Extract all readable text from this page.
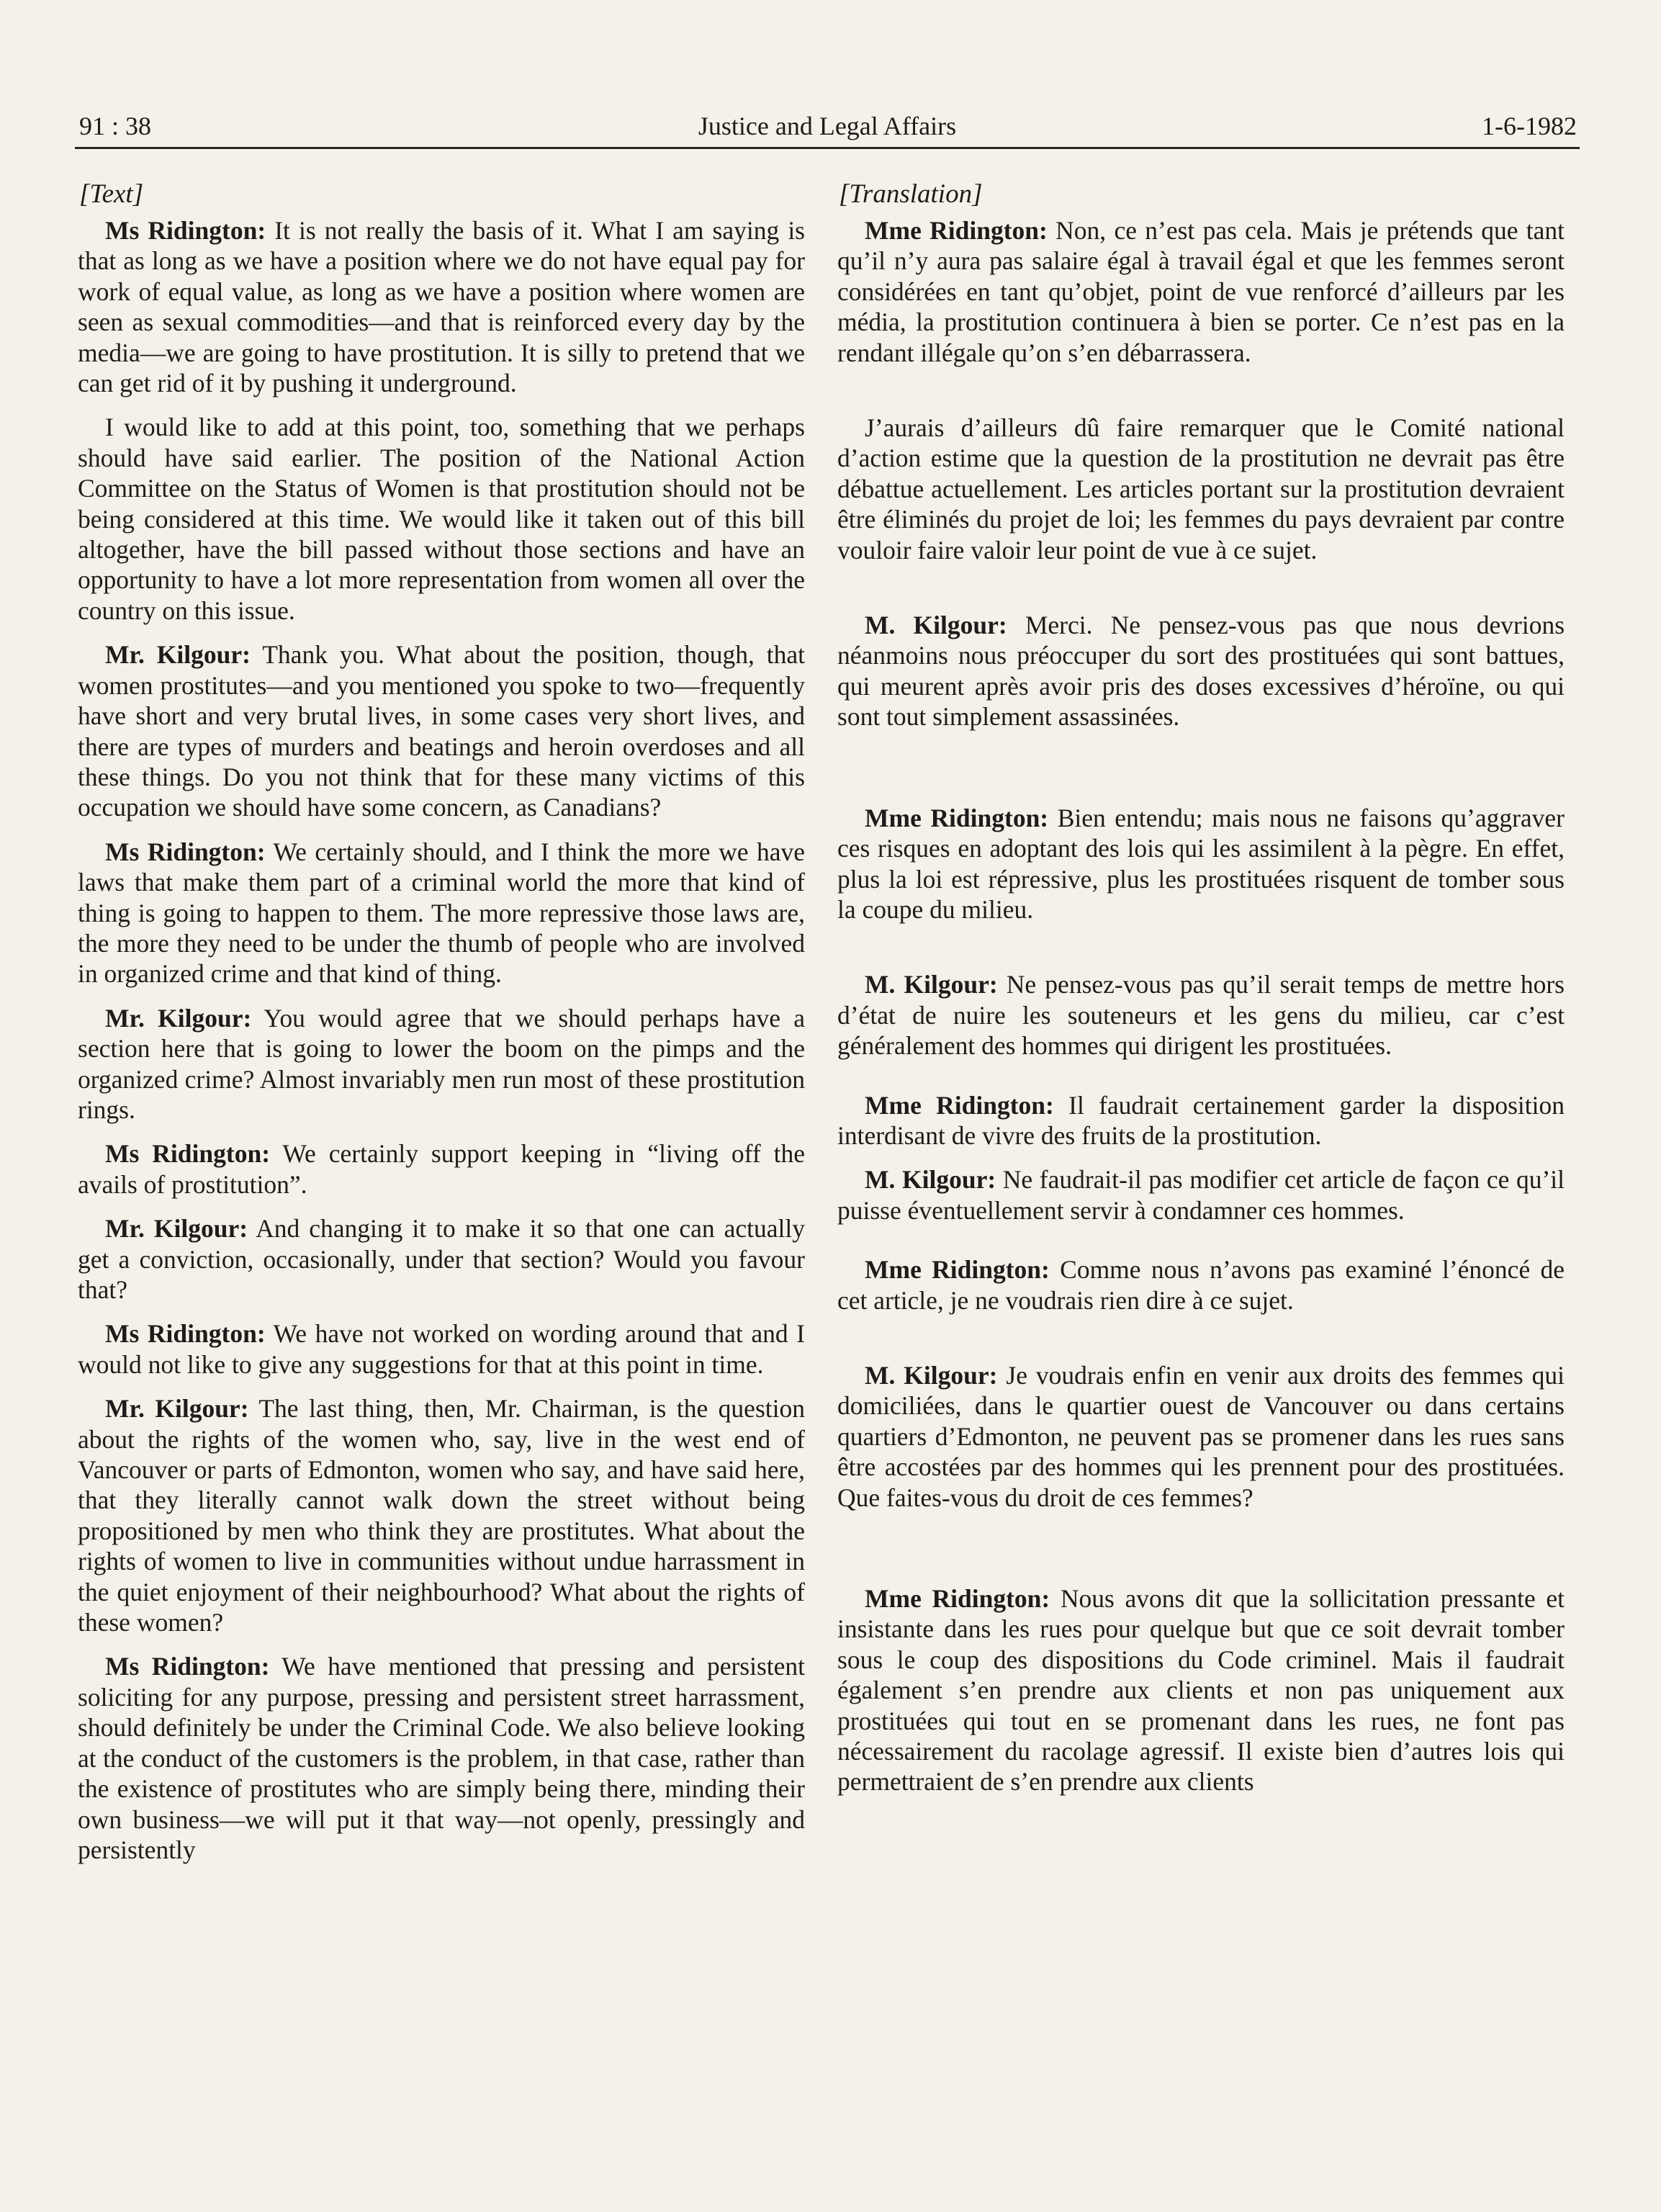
Justice and Legal Affairs
91 : 38	1-6-1982
[Text]

Ms Ridington: It is not really the basis of it. What I am saying is that as long as we have a position where we do not have equal pay for work of equal value, as long as we have a position where women are seen as sexual commodities—and that is reinforced every day by the media—we are going to have prostitution. It is silly to pretend that we can get rid of it by pushing it underground.

I would like to add at this point, too, something that we perhaps should have said earlier. The position of the National Action Committee on the Status of Women is that prostitution should not be being considered at this time. We would like it taken out of this bill altogether, have the bill passed without those sections and have an opportunity to have a lot more representation from women all over the country on this issue.

Mr. Kilgour: Thank you. What about the position, though, that women prostitutes—and you mentioned you spoke to two—frequently have short and very brutal lives, in some cases very short lives, and there are types of murders and beatings and heroin overdoses and all these things. Do you not think that for these many victims of this occupation we should have some concern, as Canadians?

Ms Ridington: We certainly should, and I think the more we have laws that make them part of a criminal world the more that kind of thing is going to happen to them. The more repressive those laws are, the more they need to be under the thumb of people who are involved in organized crime and that kind of thing.

Mr. Kilgour: You would agree that we should perhaps have a section here that is going to lower the boom on the pimps and the organized crime? Almost invariably men run most of these prostitution rings.

Ms Ridington: We certainly support keeping in “living off the avails of prostitution”.

Mr. Kilgour: And changing it to make it so that one can actually get a conviction, occasionally, under that section? Would you favour that?

Ms Ridington: We have not worked on wording around that and I would not like to give any suggestions for that at this point in time.

Mr. Kilgour: The last thing, then, Mr. Chairman, is the question about the rights of the women who, say, live in the west end of Vancouver or parts of Edmonton, women who say, and have said here, that they literally cannot walk down the street without being propositioned by men who think they are prostitutes. What about the rights of women to live in communities without undue harrassment in the quiet enjoyment of their neighbourhood? What about the rights of these women?

Ms Ridington: We have mentioned that pressing and persistent soliciting for any purpose, pressing and persistent street harrassment, should definitely be under the Criminal Code. We also believe looking at the conduct of the customers is the problem, in that case, rather than the existence of prostitutes who are simply being there, minding their own business—we will put it that way—not openly, pressingly and persistently

[Translation]

Mme Ridington: Non, ce n’est pas cela. Mais je prétends que tant qu’il n’y aura pas salaire égal à travail égal et que les femmes seront considérées en tant qu’objet, point de vue renforcé d’ailleurs par les média, la prostitution continuera à bien se porter. Ce n’est pas en la rendant illégale qu’on s’en débarrassera.

J’aurais d’ailleurs dû faire remarquer que le Comité national d’action estime que la question de la prostitution ne devrait pas être débattue actuellement. Les articles portant sur la prostitution devraient être éliminés du projet de loi; les femmes du pays devraient par contre vouloir faire valoir leur point de vue à ce sujet.

M. Kilgour: Merci. Ne pensez-vous pas que nous devrions néanmoins nous préoccuper du sort des prostituées qui sont battues, qui meurent après avoir pris des doses excessives d’héroïne, ou qui sont tout simplement assassinées.

Mme Ridington: Bien entendu; mais nous ne faisons qu’aggraver ces risques en adoptant des lois qui les assimilent à la pègre. En effet, plus la loi est répressive, plus les prostituées risquent de tomber sous la coupe du milieu.

M. Kilgour: Ne pensez-vous pas qu’il serait temps de mettre hors d’état de nuire les souteneurs et les gens du milieu, car c’est généralement des hommes qui dirigent les prostituées.

Mme Ridington: Il faudrait certainement garder la disposition interdisant de vivre des fruits de la prostitution.

M. Kilgour: Ne faudrait-il pas modifier cet article de façon ce qu’il puisse éventuellement servir à condamner ces hommes.

Mme Ridington: Comme nous n’avons pas examiné l’énoncé de cet article, je ne voudrais rien dire à ce sujet.

M. Kilgour: Je voudrais enfin en venir aux droits des femmes qui domiciliées, dans le quartier ouest de Vancouver ou dans certains quartiers d’Edmonton, ne peuvent pas se promener dans les rues sans être accostées par des hommes qui les prennent pour des prostituées. Que faites-vous du droit de ces femmes?

Mme Ridington: Nous avons dit que la sollicitation pressante et insistante dans les rues pour quelque but que ce soit devrait tomber sous le coup des dispositions du Code criminel. Mais il faudrait également s’en prendre aux clients et non pas uniquement aux prostituées qui tout en se promenant dans les rues, ne font pas nécessairement du racolage agressif. Il existe bien d’autres lois qui permettraient de s’en prendre aux clients
